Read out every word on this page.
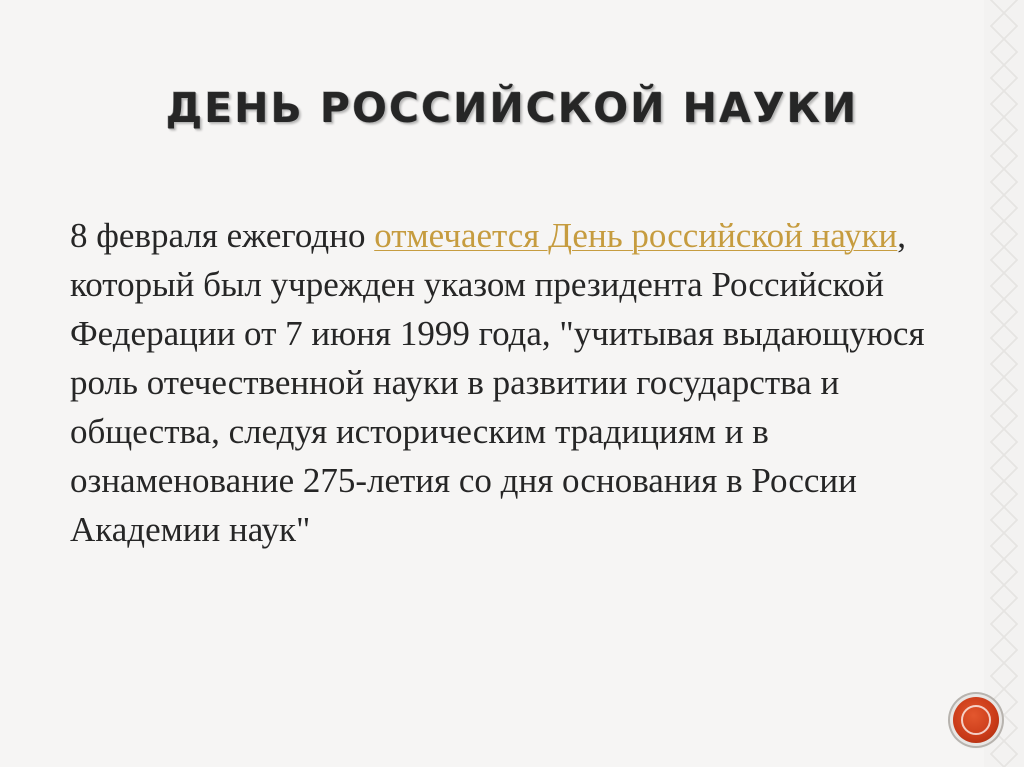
ДЕНЬ РОССИЙСКОЙ НАУКИ

8 февраля ежегодно отмечается День российской науки, который был учрежден указом президента Российской Федерации от 7 июня 1999 года, "учитывая выдающуюся роль отечественной науки в развитии государства и общества, следуя историческим традициям и в ознаменование 275-летия со дня основания в России Академии наук"
